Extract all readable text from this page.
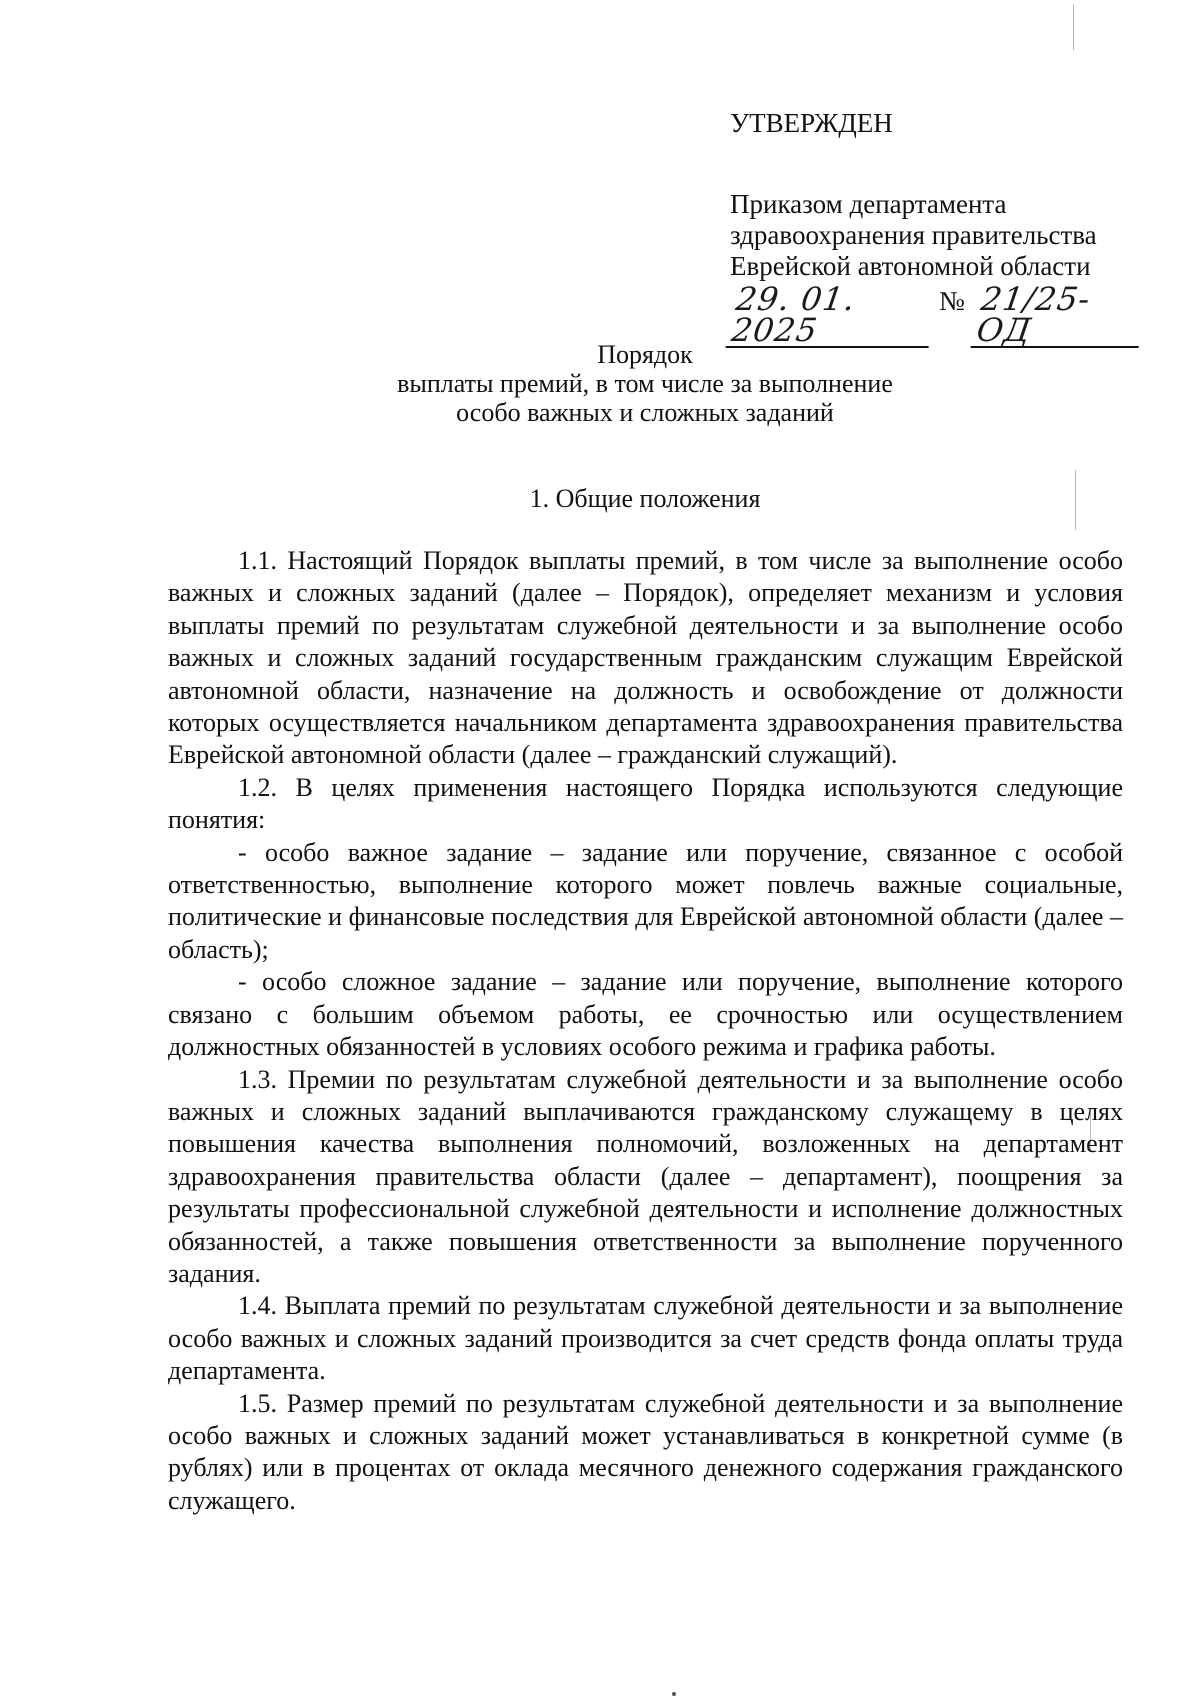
УТВЕРЖДЕН
Приказом департамента
здравоохранения правительства
Еврейской автономной области
29. 01. 2025
№ 21/25-ОД
Порядок
выплаты премий, в том числе за выполнение
особо важных и сложных заданий
1. Общие положения

1.1. Настоящий Порядок выплаты премий, в том числе за выполнение особо важных и сложных заданий (далее – Порядок), определяет механизм и условия выплаты премий по результатам служебной деятельности и за выполнение особо важных и сложных заданий государственным гражданским служащим Еврейской автономной области, назначение на должность и освобождение от должности которых осуществляется начальником департамента здравоохранения правительства Еврейской автономной области (далее – гражданский служащий).

1.2. В целях применения настоящего Порядка используются следующие понятия:

- особо важное задание – задание или поручение, связанное с особой ответственностью, выполнение которого может повлечь важные социальные, политические и финансовые последствия для Еврейской автономной области (далее – область);

- особо сложное задание – задание или поручение, выполнение которого связано с большим объемом работы, ее срочностью или осуществлением должностных обязанностей в условиях особого режима и графика работы.

1.3. Премии по результатам служебной деятельности и за выполнение особо важных и сложных заданий выплачиваются гражданскому служащему в целях повышения качества выполнения полномочий, возложенных на департамент здравоохранения правительства области (далее – департамент), поощрения за результаты профессиональной служебной деятельности и исполнение должностных обязанностей, а также повышения ответственности за выполнение порученного задания.

1.4. Выплата премий по результатам служебной деятельности и за выполнение особо важных и сложных заданий производится за счет средств фонда оплаты труда департамента.

1.5. Размер премий по результатам служебной деятельности и за выполнение особо важных и сложных заданий может устанавливаться в конкретной сумме (в рублях) или в процентах от оклада месячного денежного содержания гражданского служащего.
